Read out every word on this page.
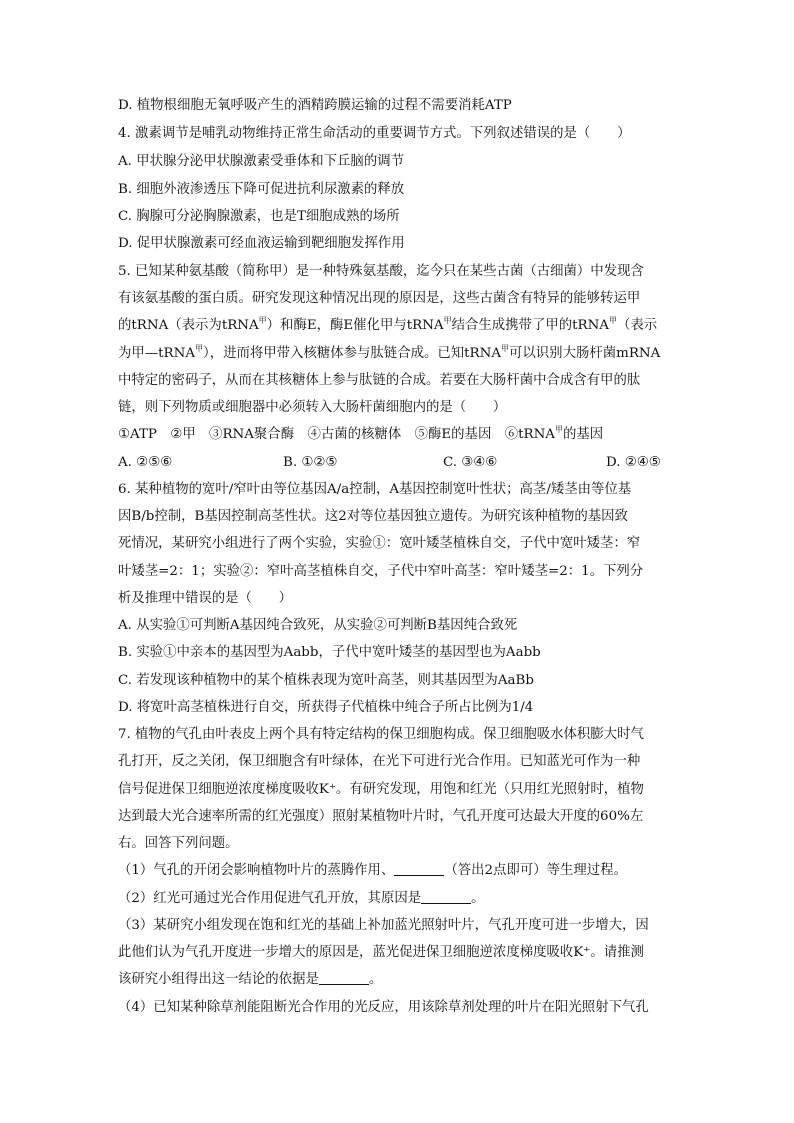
D. 植物根细胞无氧呼吸产生的酒精跨膜运输的过程不需要消耗ATP
4. 激素调节是哺乳动物维持正常生命活动的重要调节方式。下列叙述错误的是（　　）
A. 甲状腺分泌甲状腺激素受垂体和下丘脑的调节
B. 细胞外液渗透压下降可促进抗利尿激素的释放
C. 胸腺可分泌胸腺激素，也是T细胞成熟的场所
D. 促甲状腺激素可经血液运输到靶细胞发挥作用
5. 已知某种氨基酸（简称甲）是一种特殊氨基酸，迄今只在某些古菌（古细菌）中发现含
有该氨基酸的蛋白质。研究发现这种情况出现的原因是，这些古菌含有特异的能够转运甲
的tRNA（表示为tRNA$^甲$）和酶E，酶E催化甲与tRNA$^甲$结合生成携带了甲的tRNA$^甲$（表示
为甲—tRNA$^甲$），进而将甲带入核糖体参与肽链合成。已知tRNA$^甲$可以识别大肠杆菌mRNA
中特定的密码子，从而在其核糖体上参与肽链的合成。若要在大肠杆菌中合成含有甲的肽
链，则下列物质或细胞器中必须转入大肠杆菌细胞内的是（　　）
①ATP　②甲　③RNA聚合酶　④古菌的核糖体　⑤酶E的基因　⑥tRNA$^甲$的基因
A. ②⑤⑥	B. ①②⑤	C. ③④⑥	D. ②④⑤
6. 某种植物的宽叶/窄叶由等位基因A/a控制，A基因控制宽叶性状；高茎/矮茎由等位基
因B/b控制，B基因控制高茎性状。这2对等位基因独立遗传。为研究该种植物的基因致
死情况，某研究小组进行了两个实验，实验①：宽叶矮茎植株自交，子代中宽叶矮茎：窄
叶矮茎=2：1；实验②：窄叶高茎植株自交，子代中窄叶高茎：窄叶矮茎=2：1。下列分
析及推理中错误的是（　　）
A. 从实验①可判断A基因纯合致死，从实验②可判断B基因纯合致死
B. 实验①中亲本的基因型为Aabb，子代中宽叶矮茎的基因型也为Aabb
C. 若发现该种植物中的某个植株表现为宽叶高茎，则其基因型为AaBb
D. 将宽叶高茎植株进行自交，所获得子代植株中纯合子所占比例为1/4
7. 植物的气孔由叶表皮上两个具有特定结构的保卫细胞构成。保卫细胞吸水体积膨大时气
孔打开，反之关闭，保卫细胞含有叶绿体，在光下可进行光合作用。已知蓝光可作为一种
信号促进保卫细胞逆浓度梯度吸收K⁺。有研究发现，用饱和红光（只用红光照射时，植物
达到最大光合速率所需的红光强度）照射某植物叶片时，气孔开度可达最大开度的60%左
右。回答下列问题。
（1）气孔的开闭会影响植物叶片的蒸腾作用、	（答出2点即可）等生理过程。
（2）红光可通过光合作用促进气孔开放，其原因是	。
（3）某研究小组发现在饱和红光的基础上补加蓝光照射叶片，气孔开度可进一步增大，因
此他们认为气孔开度进一步增大的原因是，蓝光促进保卫细胞逆浓度梯度吸收K⁺。请推测
该研究小组得出这一结论的依据是	。
（4）已知某种除草剂能阻断光合作用的光反应，用该除草剂处理的叶片在阳光照射下气孔
